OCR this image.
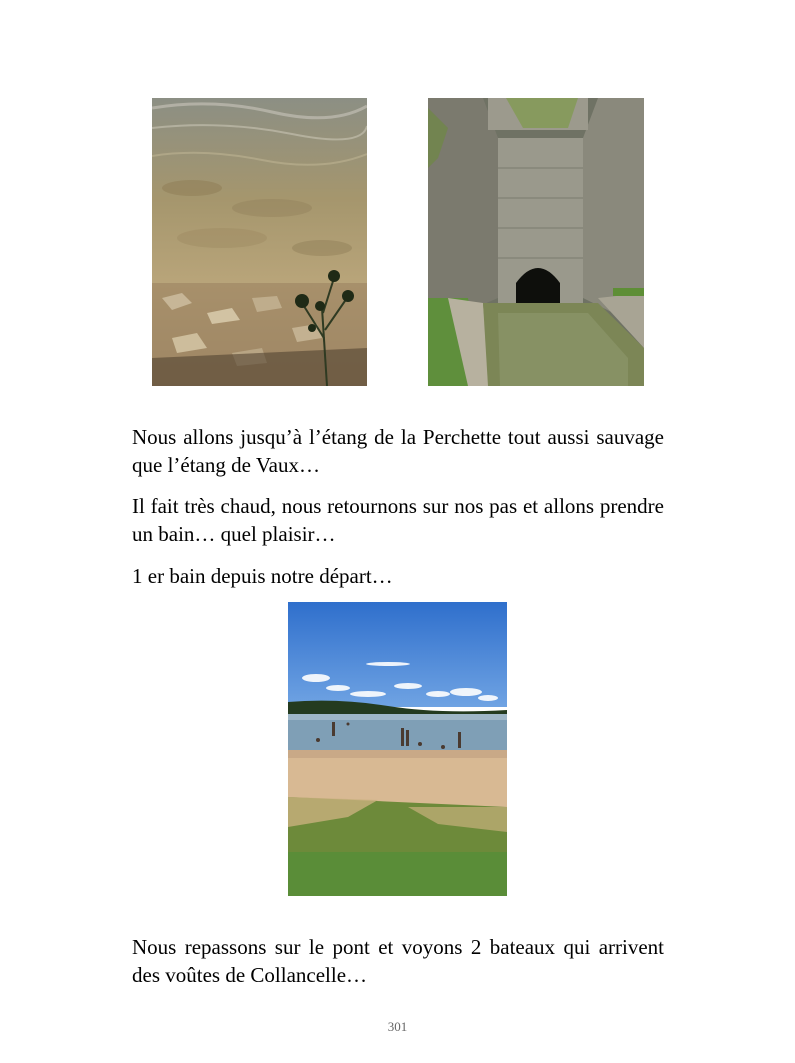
Nous allons jusqu’à l’étang de la Perchette tout aussi sauvage que l’étang de Vaux…

Il fait très chaud, nous retournons sur nos pas et allons prendre un bain… quel plaisir…

1 er bain depuis notre départ…

Nous repassons sur le pont et voyons 2 bateaux qui arrivent des voûtes de Collancelle…

301
